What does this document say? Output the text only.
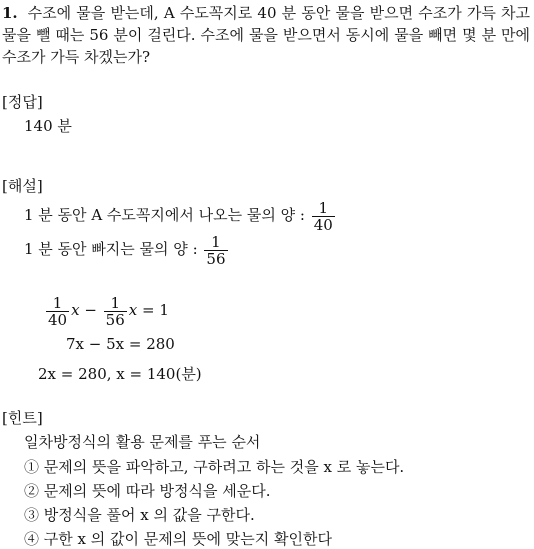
1. 수조에 물을 받는데, A 수도꼭지로 40 분 동안 물을 받으면 수조가 가득 차고 물을 뺄 때는 56 분이 걸린다. 수조에 물을 받으면서 동시에 물을 빼면 몇 분 만에 수조가 가득 차겠는가?
[정답]
140 분
[해설]
1 분 동안 A 수도꼭지에서 나오는 물의 양 : $\frac{1}{40}$
1 분 동안 빠지는 물의 양 : $\frac{1}{56}$
$\frac{1}{40}$ $x - \frac{1}{56}$ x = 1
7x − 5x = 280
2x = 280, x = 140(분)
[힌트]
일차방정식의 활용 문제를 푸는 순서
① 문제의 뜻을 파악하고, 구하려고 하는 것을 x 로 놓는다.
② 문제의 뜻에 따라 방정식을 세운다.
③ 방정식을 풀어 x 의 값을 구한다.
④ 구한 x 의 값이 문제의 뜻에 맞는지 확인한다
